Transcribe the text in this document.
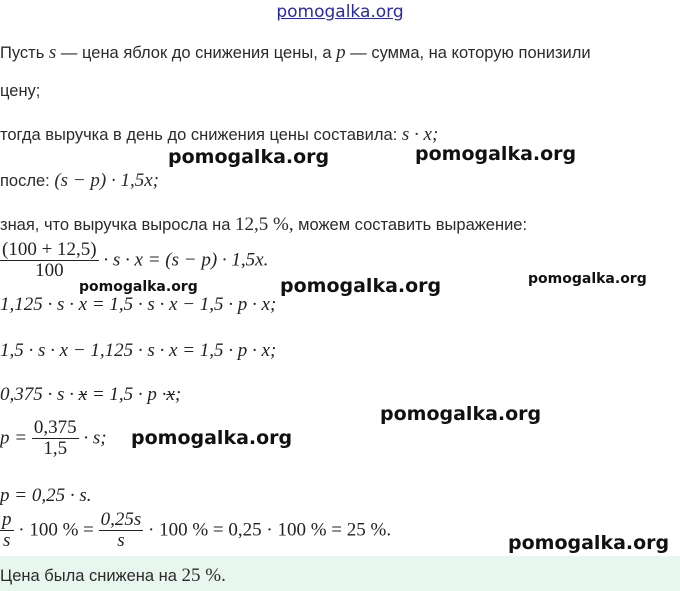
pomogalka.org
Пусть s — цена яблок до снижения цены, а p — сумма, на которую понизили
цену;
тогда выручка в день до снижения цены составила: s · x;
после: (s − p) · 1,5x;
зная, что выручка выросла на 12,5 %, можем составить выражение:
$\frac{(100 + 12,5)}{100} \cdot s \cdot x = (s - p) \cdot 1,5x$.
1,125 · s · x = 1,5 · s · x − 1,5 · p · x;
1,5 · s · x − 1,125 · s · x = 1,5 · p · x;
0,375 · s · x = 1,5 · p ·x;
$p = \frac{0,375}{1,5} \cdot s$;
p = 0,25 · s.
$\frac{p}{s} \cdot 100$ % = $\frac{0,25s}{s} \cdot 100$ % = 0,25 · 100 % = 25 %.
Цена была снижена на 25 %.
pomogalka.org	pomogalka.org
pomogalka.org
pomogalka.org	pomogalka.org
pomogalka.org
pomogalka.org
pomogalka.org
